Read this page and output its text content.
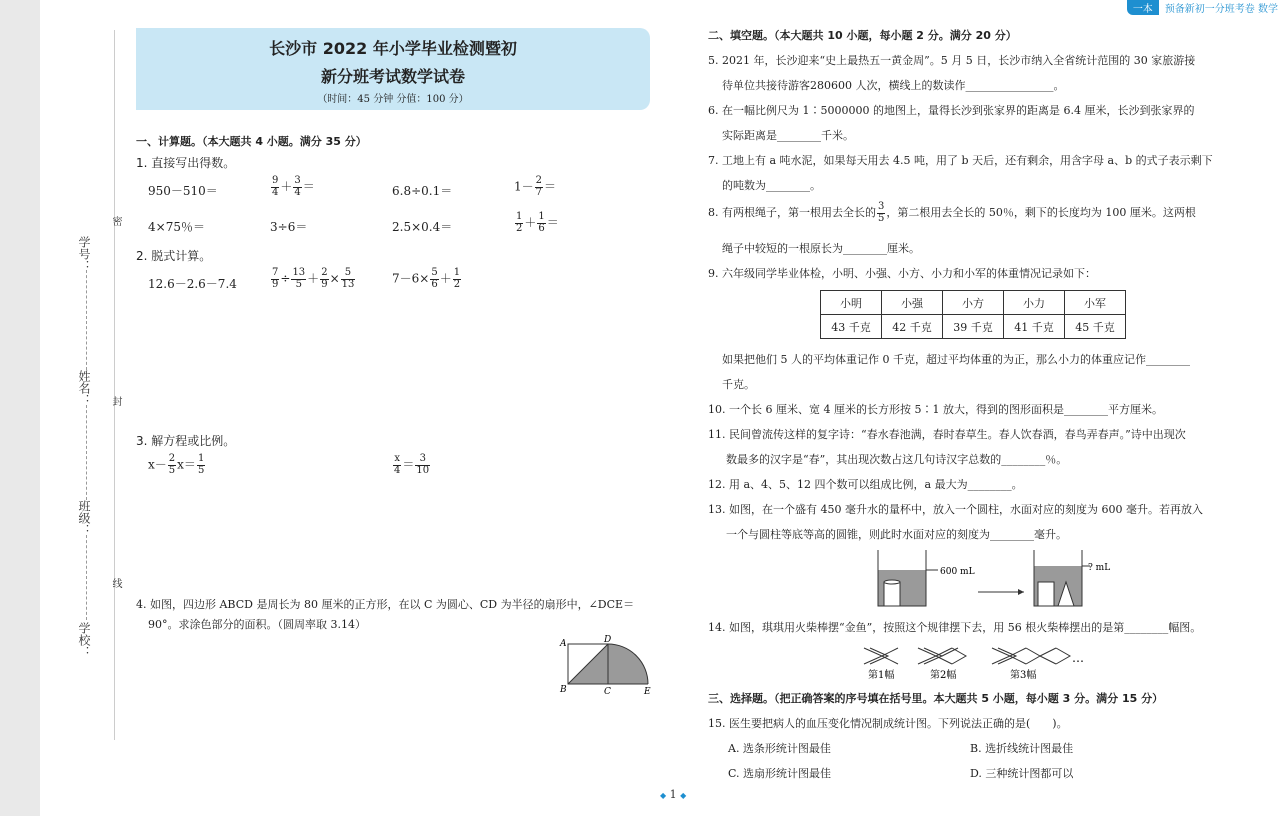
一本	预备新初一分班考卷 数学
学号：
姓名：
班级：
学校：
密
封
线
长沙市 2022 年小学毕业检测暨初
新分班考试数学试卷
（时间：45 分钟 分值：100 分）
一、计算题。（本大题共 4 小题。满分 35 分）
1. 直接写出得数。
950－510＝	$\frac{9}{4} + \frac{3}{4}$ ＝	6.8÷0.1＝	$1- \frac{2}{7}$ ＝
4×75％＝	3÷6＝	2.5×0.4＝	$\frac{1}{2} + \frac{1}{6}$ ＝
2. 脱式计算。
12.6－2.6－7.4	$\frac{7}{9} \div \frac{13}{5} + \frac{2}{9} \times \frac{5}{13}$	$7-6\times \frac{5}{6} + \frac{1}{2}$
3. 解方程或比例。
$x- \frac{2}{5} x= \frac{1}{5}$	$\frac{x}{4} = \frac{3}{10}$
4. 如图，四边形 ABCD 是周长为 80 厘米的正方形，在以 C 为圆心、CD 为半径的扇形中，∠DCE＝
90°。求涂色部分的面积。（圆周率取 3.14）
A	D
B	C	E
二、填空题。（本大题共 10 小题，每小题 2 分。满分 20 分）
5. 2021 年，长沙迎来“史上最热五一黄金周”。5 月 5 日，长沙市纳入全省统计范围的 30 家旅游接
待单位共接待游客280600 人次，横线上的数读作________________。
6. 在一幅比例尺为 1∶5000000 的地图上，量得长沙到张家界的距离是 6.4 厘米，长沙到张家界的
实际距离是________千米。
7. 工地上有 a 吨水泥，如果每天用去 4.5 吨，用了 b 天后，还有剩余，用含字母 a、b 的式子表示剩下
的吨数为________。
8. 有两根绳子，第一根用去全长的 $\frac{3}{5}$ ，第二根用去全长的 50％，剩下的长度均为 100 厘米。这两根
绳子中较短的一根原长为________厘米。
9. 六年级同学毕业体检，小明、小强、小方、小力和小军的体重情况记录如下：
小明	小强	小方	小力	小军
43 千克	42 千克	39 千克	41 千克	45 千克
如果把他们 5 人的平均体重记作 0 千克，超过平均体重的为正，那么小力的体重应记作________
千克。
10. 一个长 6 厘米、宽 4 厘米的长方形按 5∶1 放大，得到的图形面积是________平方厘米。
11. 民间曾流传这样的复字诗：“春水春池满，春时春草生。春人饮春酒，春鸟弄春声。”诗中出现次
数最多的汉字是“春”，其出现次数占这几句诗汉字总数的________％。
12. 用 a、4、5、12 四个数可以组成比例，a 最大为________。
13. 如图，在一个盛有 450 毫升水的量杯中，放入一个圆柱，水面对应的刻度为 600 毫升。若再放入
一个与圆柱等底等高的圆锥，则此时水面对应的刻度为________毫升。
600 mL	? mL
14. 如图，琪琪用火柴棒摆“金鱼”，按照这个规律摆下去，用 56 根火柴棒摆出的是第________幅图。
…
第1幅	第2幅	第3幅
三、选择题。（把正确答案的序号填在括号里。本大题共 5 小题，每小题 3 分。满分 15 分）
15. 医生要把病人的血压变化情况制成统计图。下列说法正确的是(　　)。
A. 选条形统计图最佳	B. 选折线统计图最佳
C. 选扇形统计图最佳	D. 三种统计图都可以
◆ 1 ◆
